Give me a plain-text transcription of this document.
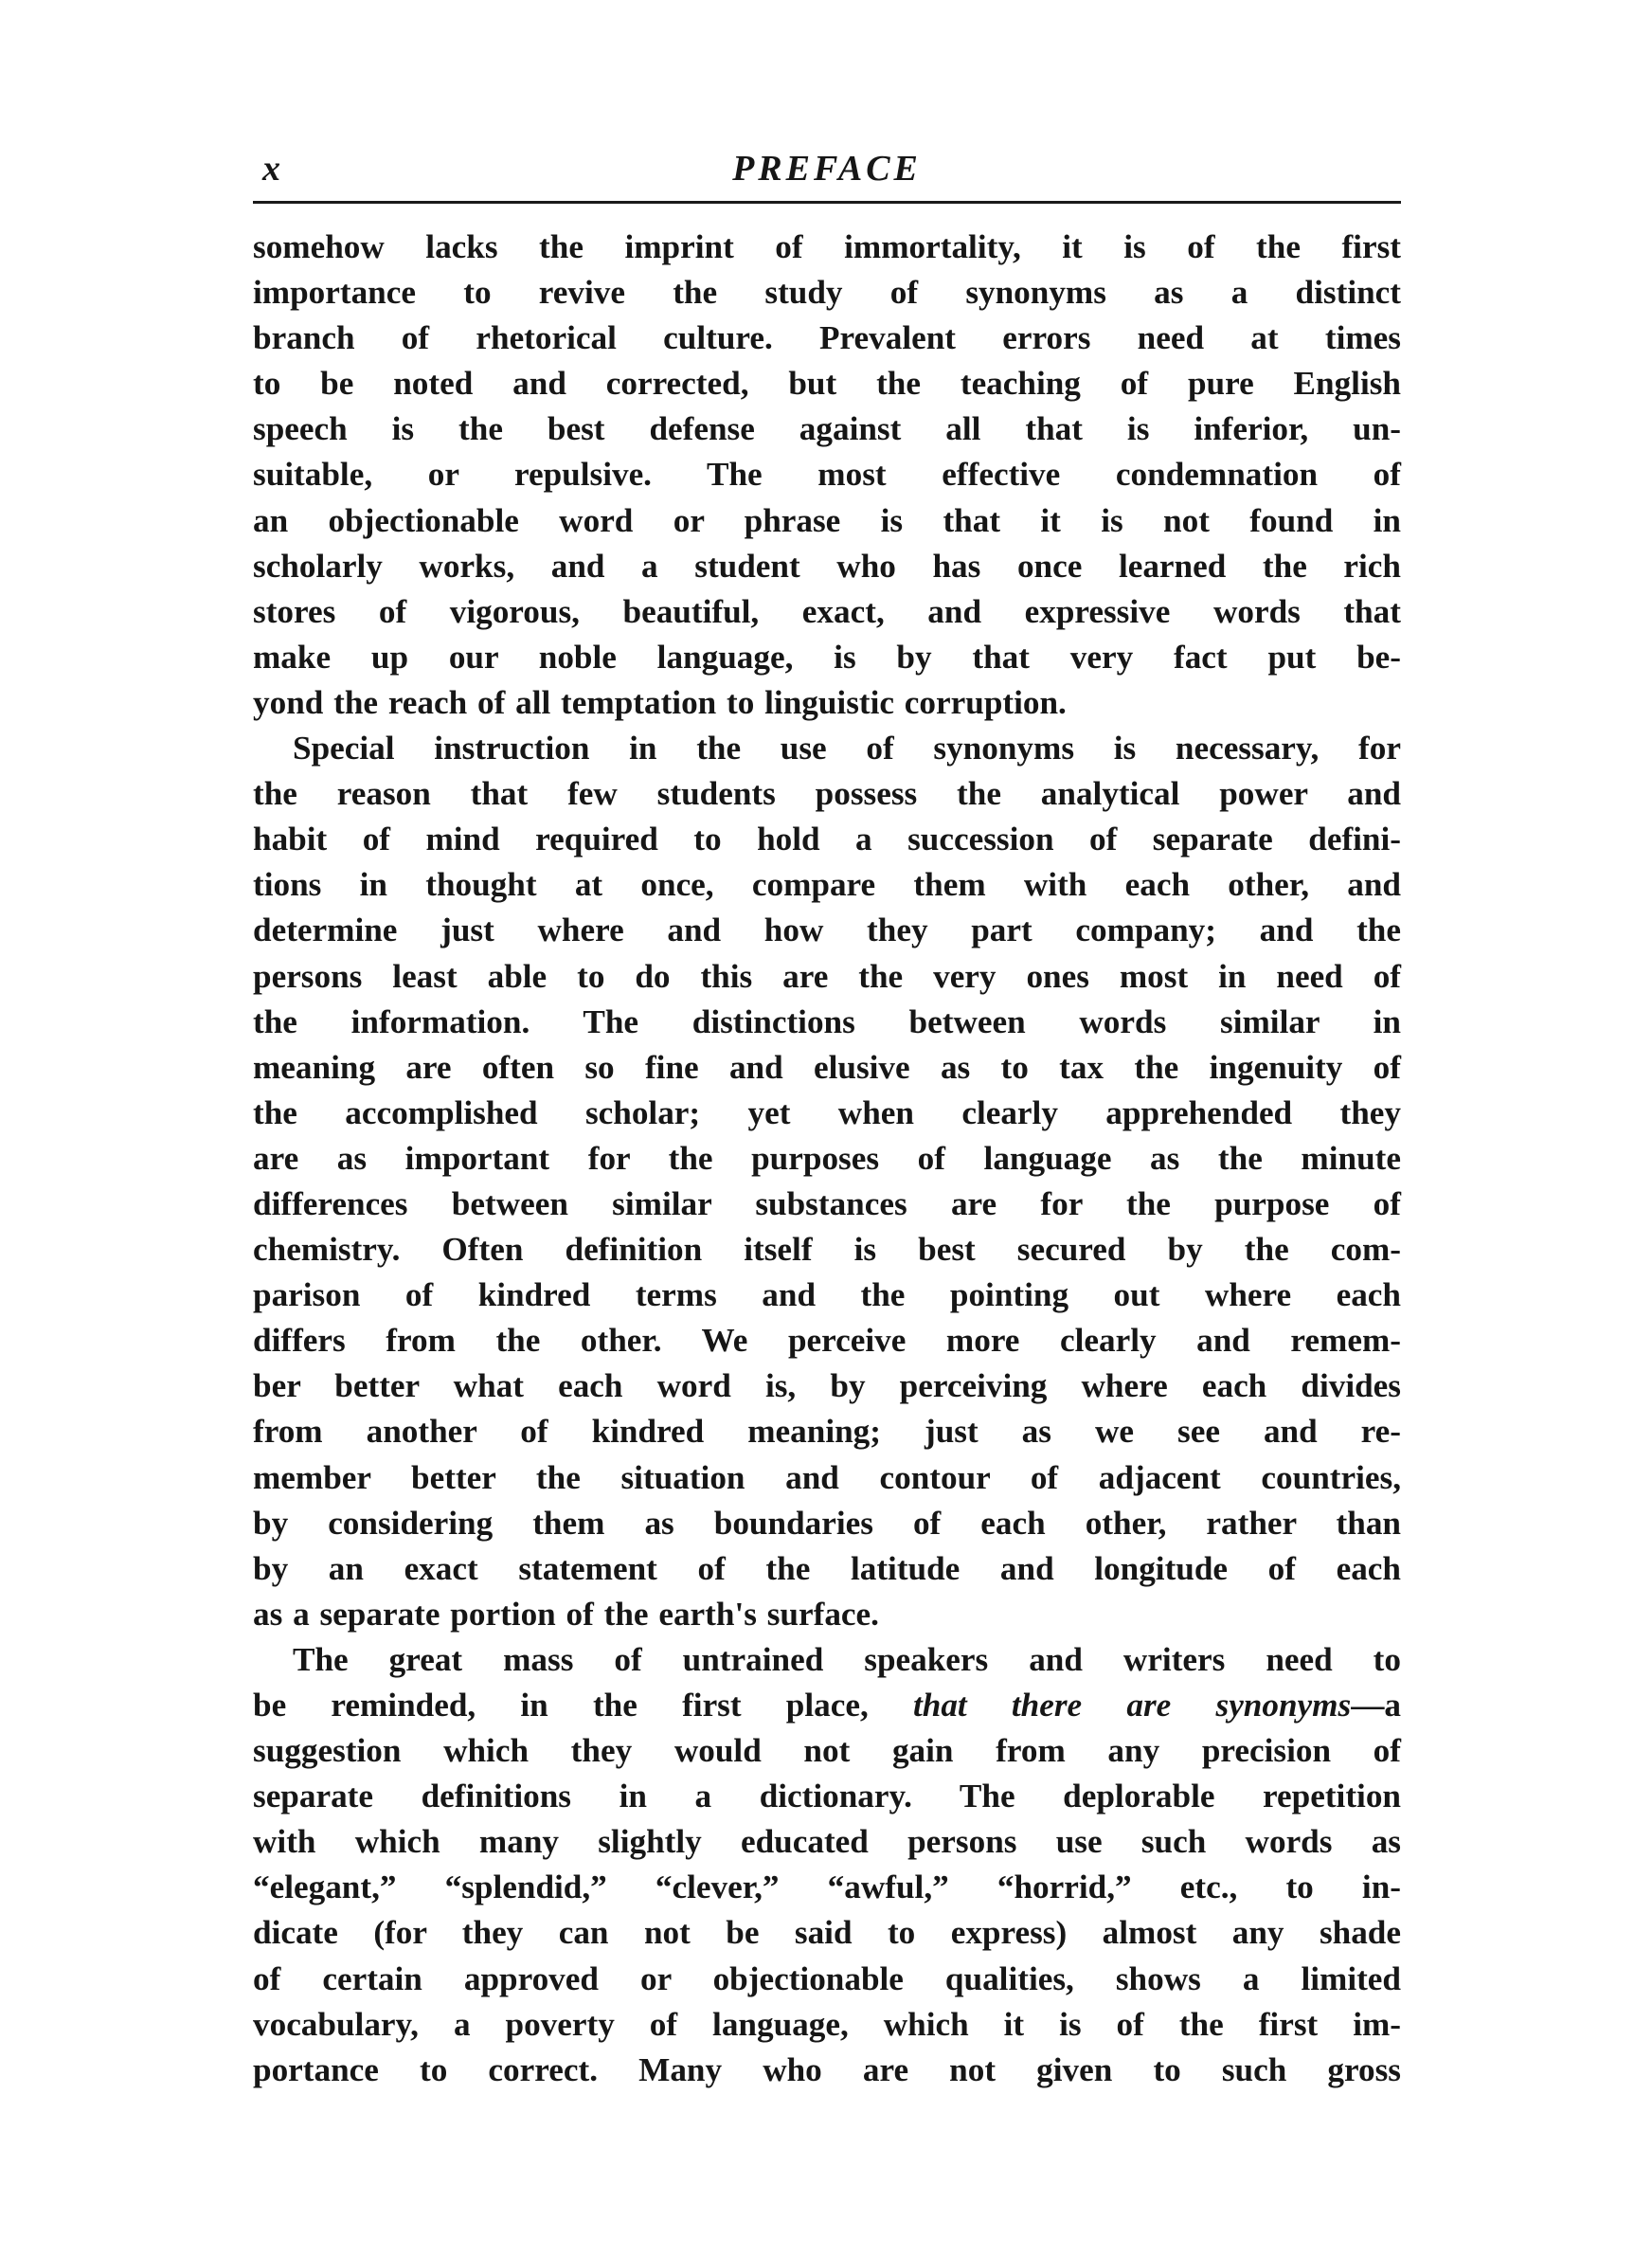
x	PREFACE
somehow lacks the imprint of immortality, it is of the first
importance to revive the study of synonyms as a distinct
branch of rhetorical culture. Prevalent errors need at times
to be noted and corrected, but the teaching of pure English
speech is the best defense against all that is inferior, un-
suitable, or repulsive. The most effective condemnation of
an objectionable word or phrase is that it is not found in
scholarly works, and a student who has once learned the rich
stores of vigorous, beautiful, exact, and expressive words that
make up our noble language, is by that very fact put be-
yond the reach of all temptation to linguistic corruption.
Special instruction in the use of synonyms is necessary, for
the reason that few students possess the analytical power and
habit of mind required to hold a succession of separate defini-
tions in thought at once, compare them with each other, and
determine just where and how they part company; and the
persons least able to do this are the very ones most in need of
the information. The distinctions between words similar in
meaning are often so fine and elusive as to tax the ingenuity of
the accomplished scholar; yet when clearly apprehended they
are as important for the purposes of language as the minute
differences between similar substances are for the purpose of
chemistry. Often definition itself is best secured by the com-
parison of kindred terms and the pointing out where each
differs from the other. We perceive more clearly and remem-
ber better what each word is, by perceiving where each divides
from another of kindred meaning; just as we see and re-
member better the situation and contour of adjacent countries,
by considering them as boundaries of each other, rather than
by an exact statement of the latitude and longitude of each
as a separate portion of the earth's surface.
The great mass of untrained speakers and writers need to
be reminded, in the first place, that there are synonyms—a
suggestion which they would not gain from any precision of
separate definitions in a dictionary. The deplorable repetition
with which many slightly educated persons use such words as
“elegant,” “splendid,” “clever,” “awful,” “horrid,” etc., to in-
dicate (for they can not be said to express) almost any shade
of certain approved or objectionable qualities, shows a limited
vocabulary, a poverty of language, which it is of the first im-
portance to correct. Many who are not given to such gross
